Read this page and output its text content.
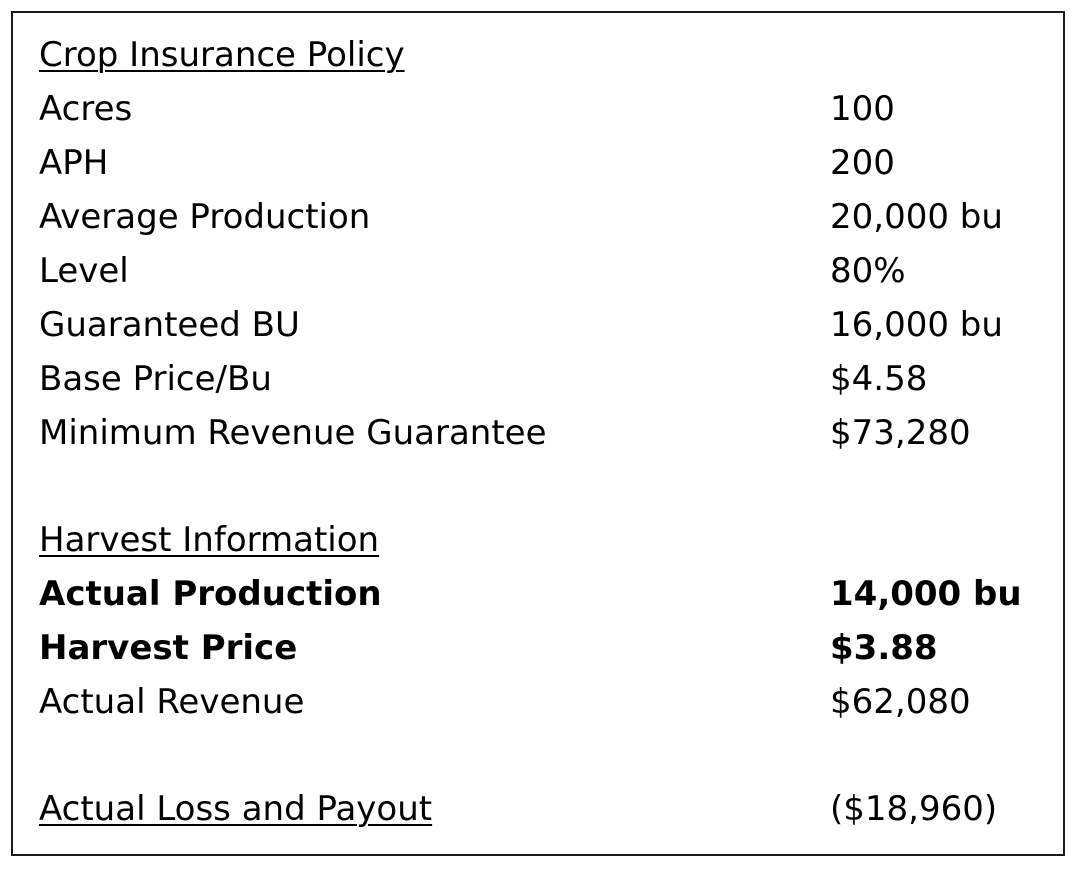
Crop Insurance Policy
Acres	100
APH	200
Average Production	20,000 bu
Level	80%
Guaranteed BU	16,000 bu
Base Price/Bu	$4.58
Minimum Revenue Guarantee	$73,280
Harvest Information
Actual Production	14,000 bu
Harvest Price	$3.88
Actual Revenue	$62,080
Actual Loss and Payout	($18,960)
